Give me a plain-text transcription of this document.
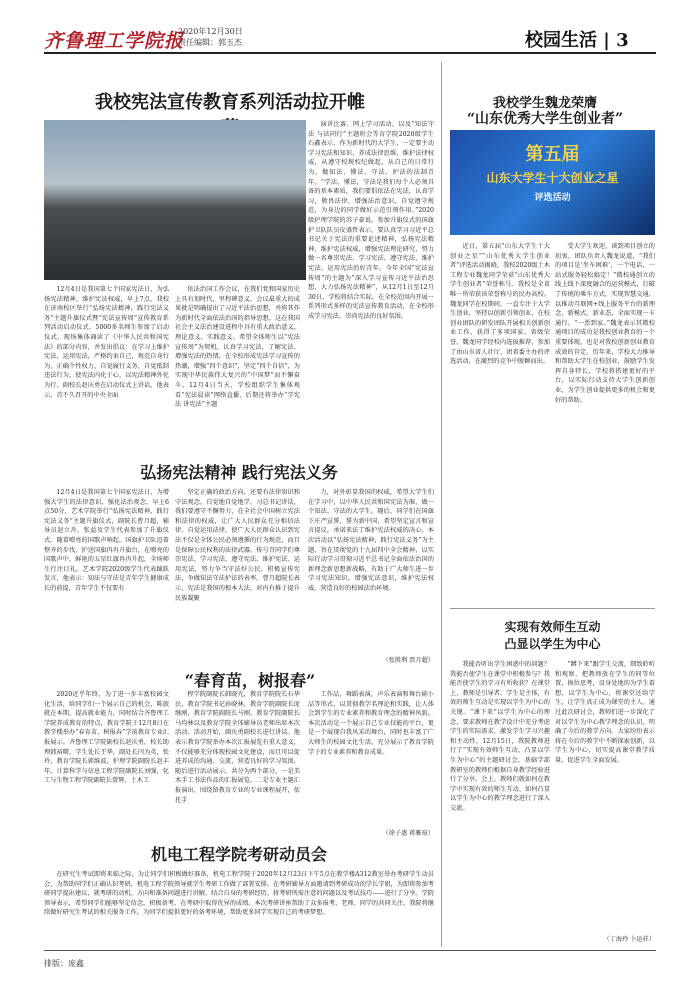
齐鲁理工学院报
2020年12月30日
责任编辑：郭玉杰	校园生活 | 3
我校宪法宣传教育系列活动拉开帷

12月4日是我国第七个国家宪法日，为弘扬宪法精神，维护宪法权威，早上7点，我校在济南校区举行“弘扬宪法精神，践行宪法义务”主题升旗仪式暨“宪法宣传周”宣传教育系列活动启动仪式。5000多名师生参加了启动仪式，现场集体诵读了《中华人民共和国宪法》的部分内容，并发出倡议：在学习上维护宪法，运用宪法，严格约束自己，规范自身行为，正确个性权力，自觉履行义务，自觉抵制违法行为，使宪法内化于心，以宪法精神外化为行。副校长赵庆勇在启动仪式上讲话，他表示，首不久召开的中央全面

依法治国工作会议，在我们党和国家历史上具有划时代、里程碑意义，会议最重大的成果就是明确提出了习近平法治思想，并将其作为新时代全面依法治国的指导思想。这在我国社会主义法治建设进程中具有重大政治意义、理论意义、实践意义。希望全体师生以“宪法宣传周”为契机，认真学习宪法，了解宪法、增强宪法的热情，在全校形成宪法学习宣传的热潮，增强“四个意识”，坚定“四个自信”，为实现中华民族伟大复兴的“中国梦”而不懈奋斗。12月4日当天，学校组织学生集体观看“宪法晨读”网络直播，后期还将举办“学宪法 讲宪法”主题

演讲比赛、网上学习活动，以及“知法守法 与法同行”主题班会等育学院2020级学生石鑫表示，作为新时代的大学生，一定要主动学习宪法和知识，养成法律思维，维护法律权威，从遵守校规校纪做起，从自己的日常行为，做知法、懂法、守法、护法的法制青年。“学法、懂法，守法是我们每个人必须具备的基本素质，我们要倡依法在宪法，认真学习，敬畏法律，增强法治意识，自觉遵守规范，为身边的同学做好示范引领作用。”2020级护理学院的苏子豪说。参加升旗仪式的国旗护卫队队员皮盛哲表示，要认真学习习近平总书记关于宪法的重要论述精神，弘扬宪法精神，维护宪法权威，增强宪法理论研究，努力做一名尊崇宪法、学习宪法、遵守宪法、维护宪法、运用宪法的好青年。今年全国“宪法宣传周”的主题为“深入学习宣传习近平法治思想，大力弘扬宪法精神”，从12月1日至12月30日，学校将结合实际，在全校范围内开展一系列形式多样的宪法宣传教育活动，在全校形成学习宪法、崇尚宪法的良好氛围。

弘扬宪法精神 践行宪法义务

12月4日是我国第七个国家宪法日，为增强大学生的法律意识，强化法治观念，早上6点50分，艺术学院举行“弘扬宪法精神，践行宪法义务”主题升旗仪式，副院长曹月超、辅导员赵立舟、张益及学生代表参加了升旗仪式。随着嘹亮的国歌声响起，国旗护卫队迈着整齐的步伐，护送国旗冉冉升旗台，在嘹亮的国歌声中，鲜艳的五星红旗冉冉升起，全场师生行注目礼。艺术学院2020级学生代表踊跃发言，他表示：知法与守法是青年学生健康成长的前提，青年学生不仅要有

坚定正确的政治方向，还要有法律知识和守法观念。自觉地自觉地学，习总书记讲话，我们要遵守不懈努力，在全社会中国树立宪法和法律的权威，让广大人民群众充分相信法律、自觉运用法律，使广大人民群众认识到宪法不仅是全体公民必须遵循的行为规范，而且是保障公民权利的法律武器。传号召同学们尊崇宪法、学习宪法、遵守宪法、维护宪法、运用宪法，努力争当守法好公民。积极宣传宪法，争做知法守法护法的表率。曹月超院长表示，宪法是我国的根本大法，对内有推于提升民族凝聚

力，对外彰显我国的权威，希望大学生们在学习中，以中华人民共和国宪法为准，做一个知法、守法的大学生。随后，同学们在国旗下庄严宣誓，誓为新中国，希望坚定宣言和宣言提议，承诺来法了维护宪法权威的决心。本次活动以“弘扬宪法精神，践行宪法义务”为主题，旨在贯彻党的十九届四中全会精神，以实际行动学习贯彻习近平总书记全面依法治国的新理念新思想新战略，有助于广大师生进一步学习宪法知识，增强宪法意识，维护宪法权威，营造良好的校园法治环境。

（张胜利 贾月超）
“春育苗，树报春”

2020近乎年终，为了进一步丰富校园文化生活，给同学们一个展示自己的机会，陈旅就在本期，提高就业能力，同时结合齐鲁理工学院养成教育的特点，教育学院于12月8日在教学楼举办“春育苗，树报春”学前教育专业汇报展示。齐鲁理工学院副校长赵庆勇，校长助理韩裕曙，学生处长王华，副处长闫为英，张玲，教育学院长郭维波，护理学院副院长赵丰年，计算科学与信息工程学院副院长刘强、化工与生物工程学院副院长曾辉、土木工

程学院副院长韩晓光，教育学院院长石华民，教育学院书记孙晓林，教育学院副院长庞继刚，教育学院副院长马刚、教育学院副院长马均林以及教育学院全体辅导员老师出席本次活动。活动开始，副庆勇副校长进行讲话。他表示教育学院举办本次汇报展览有重大意义，不仅能够充分体现校园文化建设，而且可以促进养成的沟通、交流，营造良好的学习氛围，随后进行活动展示。共分为两个部分，一是美术手工书法作品的汇报展览，二是专业主题汇报演出，围绕留教育专业的专业课程展开，依托手

工作品，舞蹈表演，声乐表演和舞台剧小品等形式，以贯彻教学名理论和实践，让人体会到学生的专业素养和教育理念的精神风貌。本次活动是一个展示自己专业技能的平台，更是一个展现自我风采的舞台，同时也丰富了广大师生的校园文化生活，充分展示了教育学院学子的专业素养和教育成果。

（徐子惠 蒋雅瑄）
机电工程学院考研动员会

在研究生考试即将来临之际，为让同学们积极做好准备，机电工程学院于2020年12月23日下午5点在教学楼A312教室举办考研学生动员会，为帮助同学们正确认识考研，机电工程学院领导就学生考研工作做了部署安排。在考研辅导方面邀请到考研成功的学长学姐，为即将参加考研同学提出建议，就考研的动机、方向和准备问题进行讲解，结合自身的考研经历，将考研所需注意的问题以及考试技巧——进行了分享。学院领导表示，希望同学们能够坚定信念，积极备考，在考研中取得优异的成绩。本次考研讲座帮助了众多报考、老师、同学的共同关注，我院将继续做好研究生考试的相关服务工作，为同学们提供更好的备考环境，帮助更多同学实现自己的考研梦想。

我校学生魏龙荣膺
“山东优秀大学生创业者”
第五届
山东大学生十大创业之星
评选活动

近日，第五届“山东大学生十大创业之星”“山东优秀大学生创业者”评选活动揭晓，我校2020级土木工程专业魏龙同学荣获“山东优秀大学生创业者”荣誉称号。我校是全省唯一所荣获该荣誉称号的民办高校。魏龙同学在校期间，一直专注于大学生创业，坚持以创新引领创业，在校创业团队的研发团队开展相关创新创业工作，获得了多项国家、省级荣誉。魏龙同学经校内选拔推荐，参加了由山东省人社厅、团省委主办的评选活动，在激烈的竞争中脱颖而出。

受大学生欢迎，谈到项目创立的初衷，团队负责人魏龙说道，“我们的项目是‘坐车困难’，一个电话，一站式服务轻松搞定！”微校通创立的线上线下深度融合的运营模式，打破了传统的乘车方式，实现智慧交通，以推动互联网+线上服务平台的新理念，新模式，新业态，全面实现一卡通行。“一票到家。”魏龙表示其微校通项目的成功是我校创业教育的一个重要体现，也是对我校创新创业教育成效的肯定。历年来，学校大力推导和帮助大学生在校创业，鼓励学生发挥自身特长，学校将搭建更好的平台，以实际行动支持大学生创新创业，为学生创业提供更多的机会和更好的帮助。

实现有效师生互动
凸显以学生为中心

我能否听出学生困惑中的问题？我能否使学生在课堂中积极参与？我能否使学生的学习有所收获？在课堂上，教师是引导者，学生是主体，有效的师生互动是实现以学生为中心的关键。“课下来”以学生为中心的理念，要求教师在教学设计中充分考虑学生的实际需求，激发学生学习兴趣和主动性。12月15日，我院教师进行了“实现有效师生互动，凸显以学生为中心”的主题研讨会，基础学部教研室的教师们根据自身教学经验进行了分享。会上，教师们就如何在教学中实现有效的师生互动、如何凸显以学生为中心的教学理念进行了深入交流。

“蹲下来”跟学生交流，细致聆听和观察，把教师放在学生的同等位置，换位思考，设身处地的为学生着想，以学生为中心，将课堂还给学生，让学生真正成为课堂的主人。通过此次研讨会，教师们进一步深化了对以学生为中心教学理念的认识，明确了今后的教学方向。大家纷纷表示将在今后的教学中不断探索创新，以学生为中心，切实提高课堂教学质量，促进学生全面发展。

（丁海玲 卜运祥）
排版：庞鑫
